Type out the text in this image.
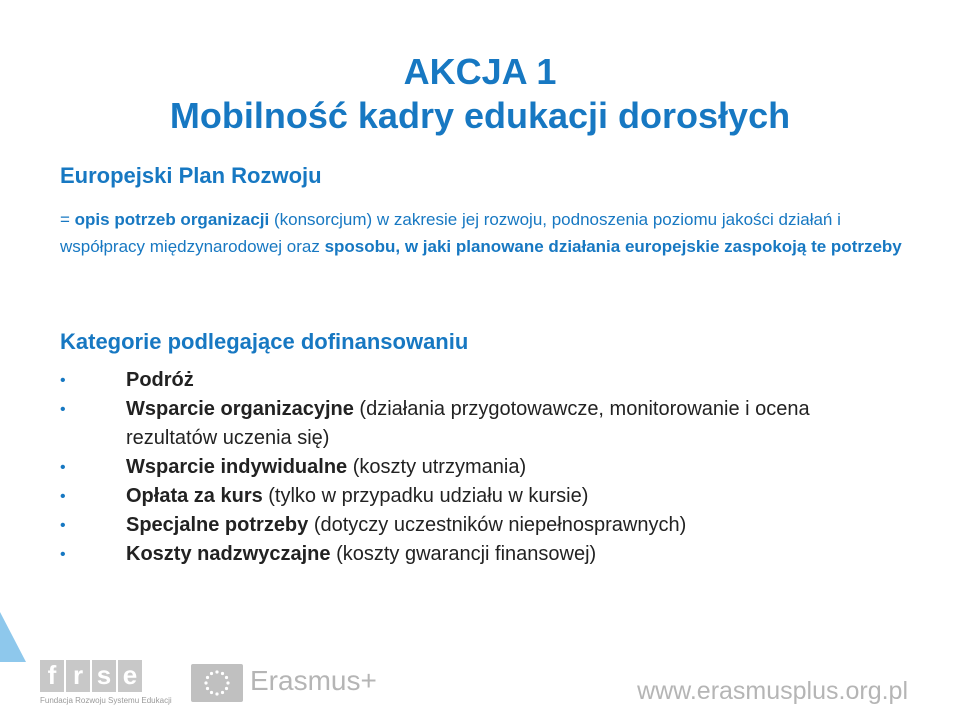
AKCJA 1
Mobilność kadry edukacji dorosłych
Europejski Plan Rozwoju
= opis potrzeb organizacji (konsorcjum) w zakresie jej rozwoju, podnoszenia poziomu jakości działań i współpracy międzynarodowej oraz sposobu, w jaki planowane działania europejskie zaspokoją te potrzeby
Kategorie podlegające dofinansowaniu
•	Podróż
•	Wsparcie organizacyjne (działania przygotowawcze, monitorowanie i ocena rezultatów uczenia się)
•	Wsparcie indywidualne (koszty utrzymania)
•	Opłata za kurs (tylko w przypadku udziału w kursie)
•	Specjalne potrzeby (dotyczy uczestników niepełnosprawnych)
•	Koszty nadzwyczajne (koszty gwarancji finansowej)
f r s e
Fundacja Rozwoju Systemu Edukacji
Erasmus+	www.erasmusplus.org.pl
